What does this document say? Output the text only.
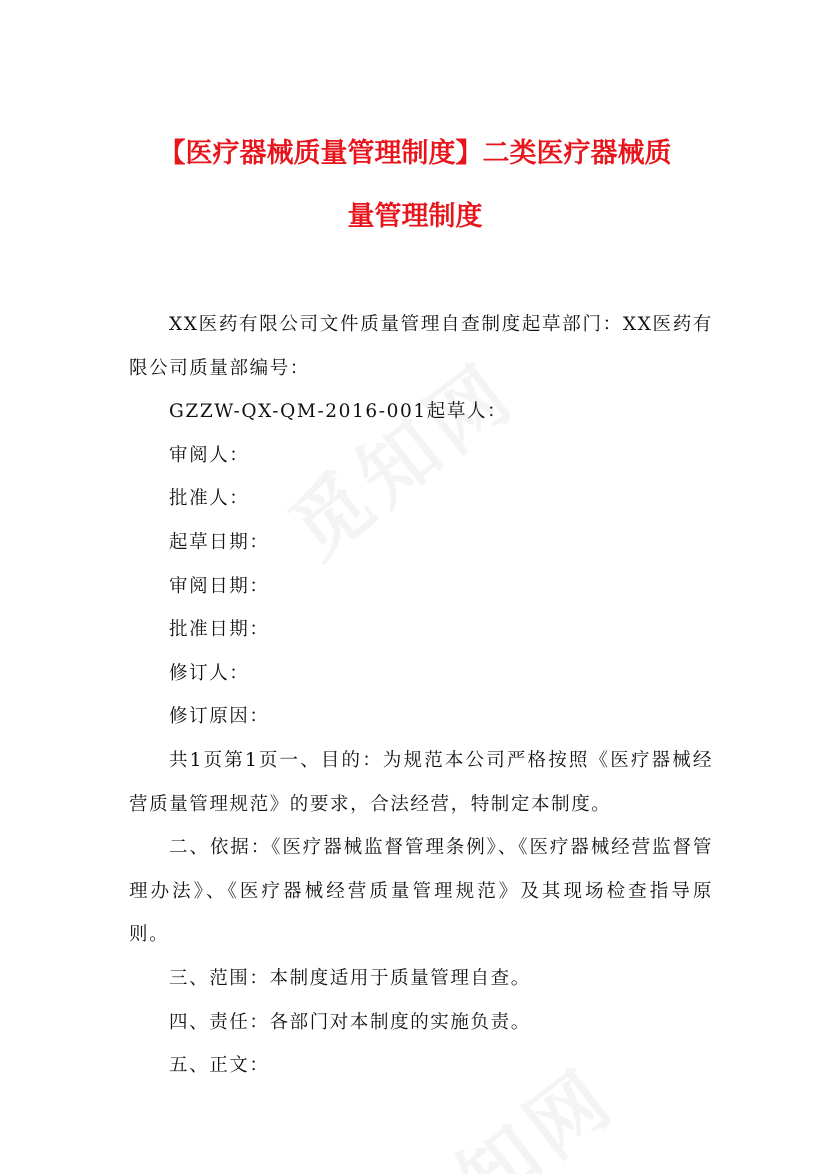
【医疗器械质量管理制度】二类医疗器械质
量管理制度

XX医药有限公司文件质量管理自查制度起草部门：XX医药有限公司质量部编号：

GZZW-QX-QM-2016-001起草人：

审阅人：

批准人：

起草日期：

审阅日期：

批准日期：

修订人：

修订原因：

共1页第1页一、目的：为规范本公司严格按照《医疗器械经营质量管理规范》的要求，合法经营，特制定本制度。

二、依据：《医疗器械监督管理条例》、《医疗器械经营监督管理办法》、《医疗器械经营质量管理规范》及其现场检查指导原则。

三、范围：本制度适用于质量管理自查。

四、责任：各部门对本制度的实施负责。

五、正文：
